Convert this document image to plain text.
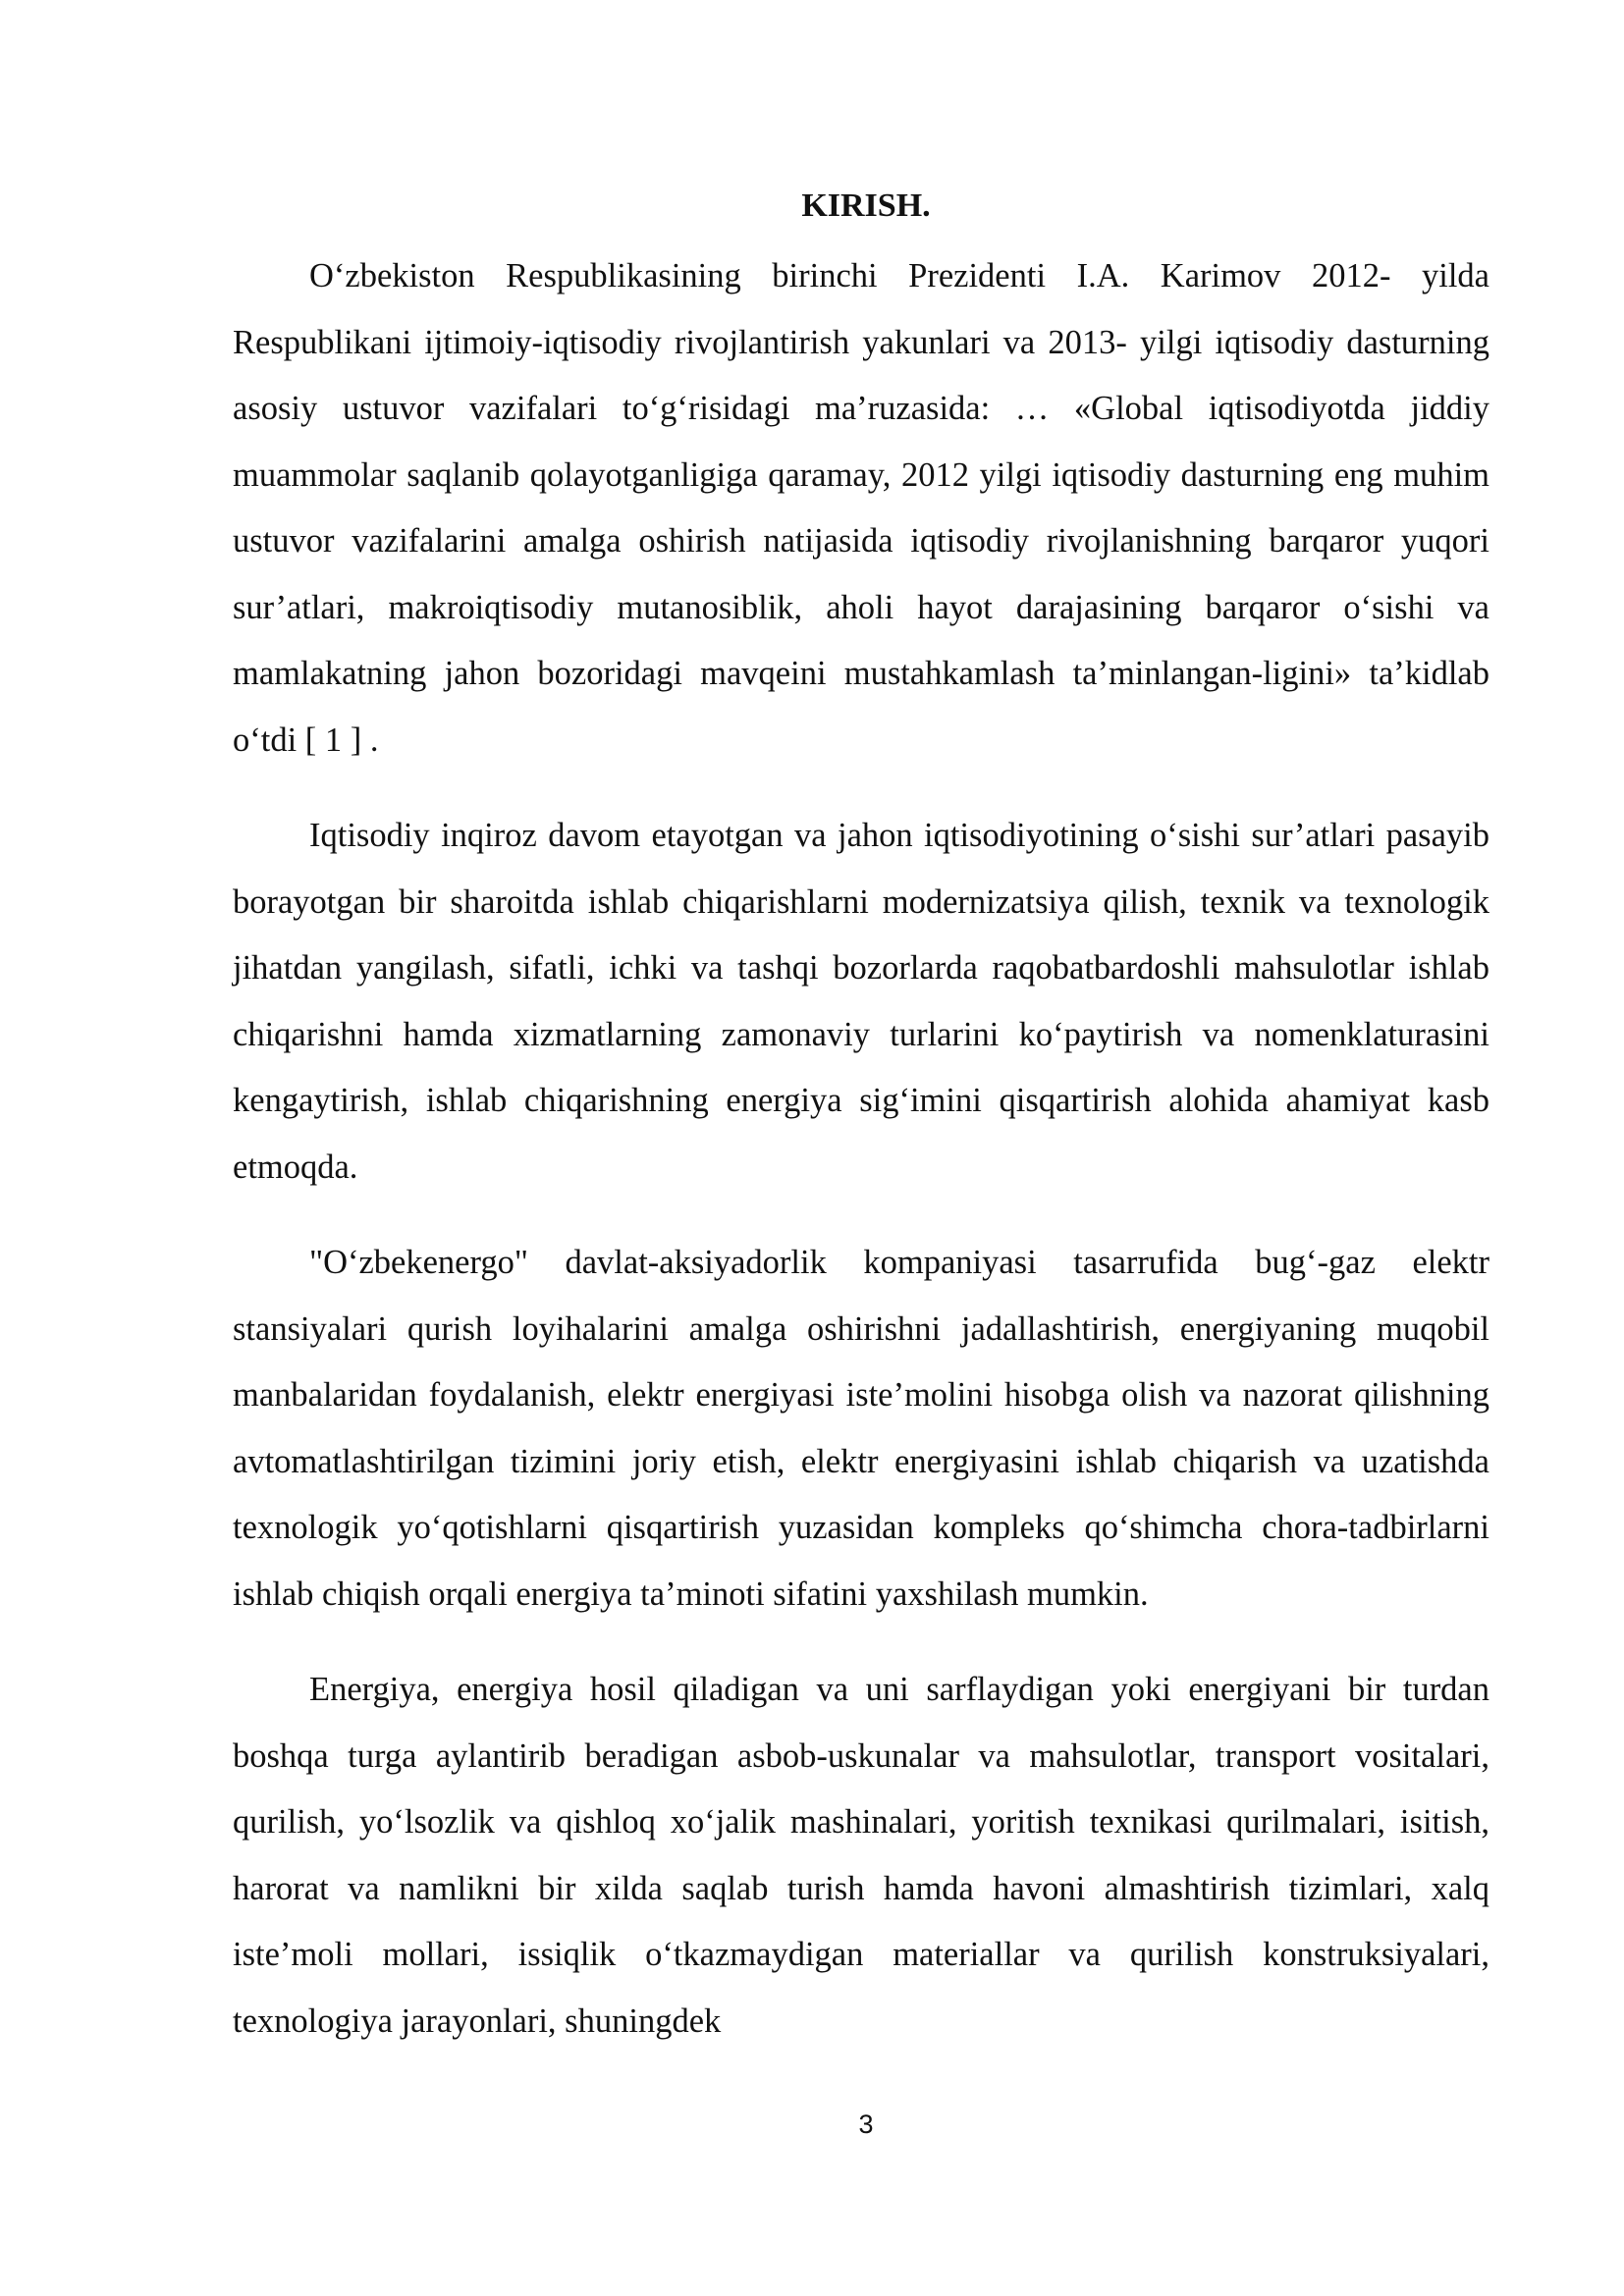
KIRISH.

O‘zbekiston Respublikasining birinchi Prezidenti I.A. Karimov 2012- yilda Respublikani ijtimoiy-iqtisodiy rivojlantirish yakunlari va 2013- yilgi iqtisodiy dasturning asosiy ustuvor vazifalari to‘g‘risidagi ma’ruzasida: … «Global iqtisodiyotda jiddiy muammolar saqlanib qolayotganligiga qaramay, 2012 yilgi iqtisodiy dasturning eng muhim ustuvor vazifalarini amalga oshirish natijasida iqtisodiy rivojlanishning barqaror yuqori sur’atlari, makroiqtisodiy mutanosiblik, aholi hayot darajasining barqaror o‘sishi va mamlakatning jahon bozoridagi mavqeini mustahkamlash ta’minlangan-ligini» ta’kidlab o‘tdi [ 1 ] .

Iqtisodiy inqiroz davom etayotgan va jahon iqtisodiyotining o‘sishi sur’atlari pasayib borayotgan bir sharoitda ishlab chiqarishlarni modernizatsiya qilish, texnik va texnologik jihatdan yangilash, sifatli, ichki va tashqi bozorlarda raqobatbardoshli mahsulotlar ishlab chiqarishni hamda xizmatlarning zamonaviy turlarini ko‘paytirish va nomenklaturasini kengaytirish, ishlab chiqarishning energiya sig‘imini qisqartirish alohida ahamiyat kasb etmoqda.

"O‘zbekenergo" davlat-aksiyadorlik kompaniyasi tasarrufida bug‘-gaz elektr stansiyalari qurish loyihalarini amalga oshirishni jadallashtirish, energiyaning muqobil manbalaridan foydalanish, elektr energiyasi iste’molini hisobga olish va nazorat qilishning avtomatlashtirilgan tizimini joriy etish, elektr energiyasini ishlab chiqarish va uzatishda texnologik yo‘qotishlarni qisqartirish yuzasidan kompleks qo‘shimcha chora-tadbirlarni ishlab chiqish orqali energiya ta’minoti sifatini yaxshilash mumkin.

Energiya, energiya hosil qiladigan va uni sarflaydigan yoki energiyani bir turdan boshqa turga aylantirib beradigan asbob-uskunalar va mahsulotlar, transport vositalari, qurilish, yo‘lsozlik va qishloq xo‘jalik mashinalari, yoritish texnikasi qurilmalari, isitish, harorat va namlikni bir xilda saqlab turish hamda havoni almashtirish tizimlari, xalq iste’moli mollari, issiqlik o‘tkazmaydigan materiallar va qurilish konstruksiyalari, texnologiya jarayonlari, shuningdek

3
